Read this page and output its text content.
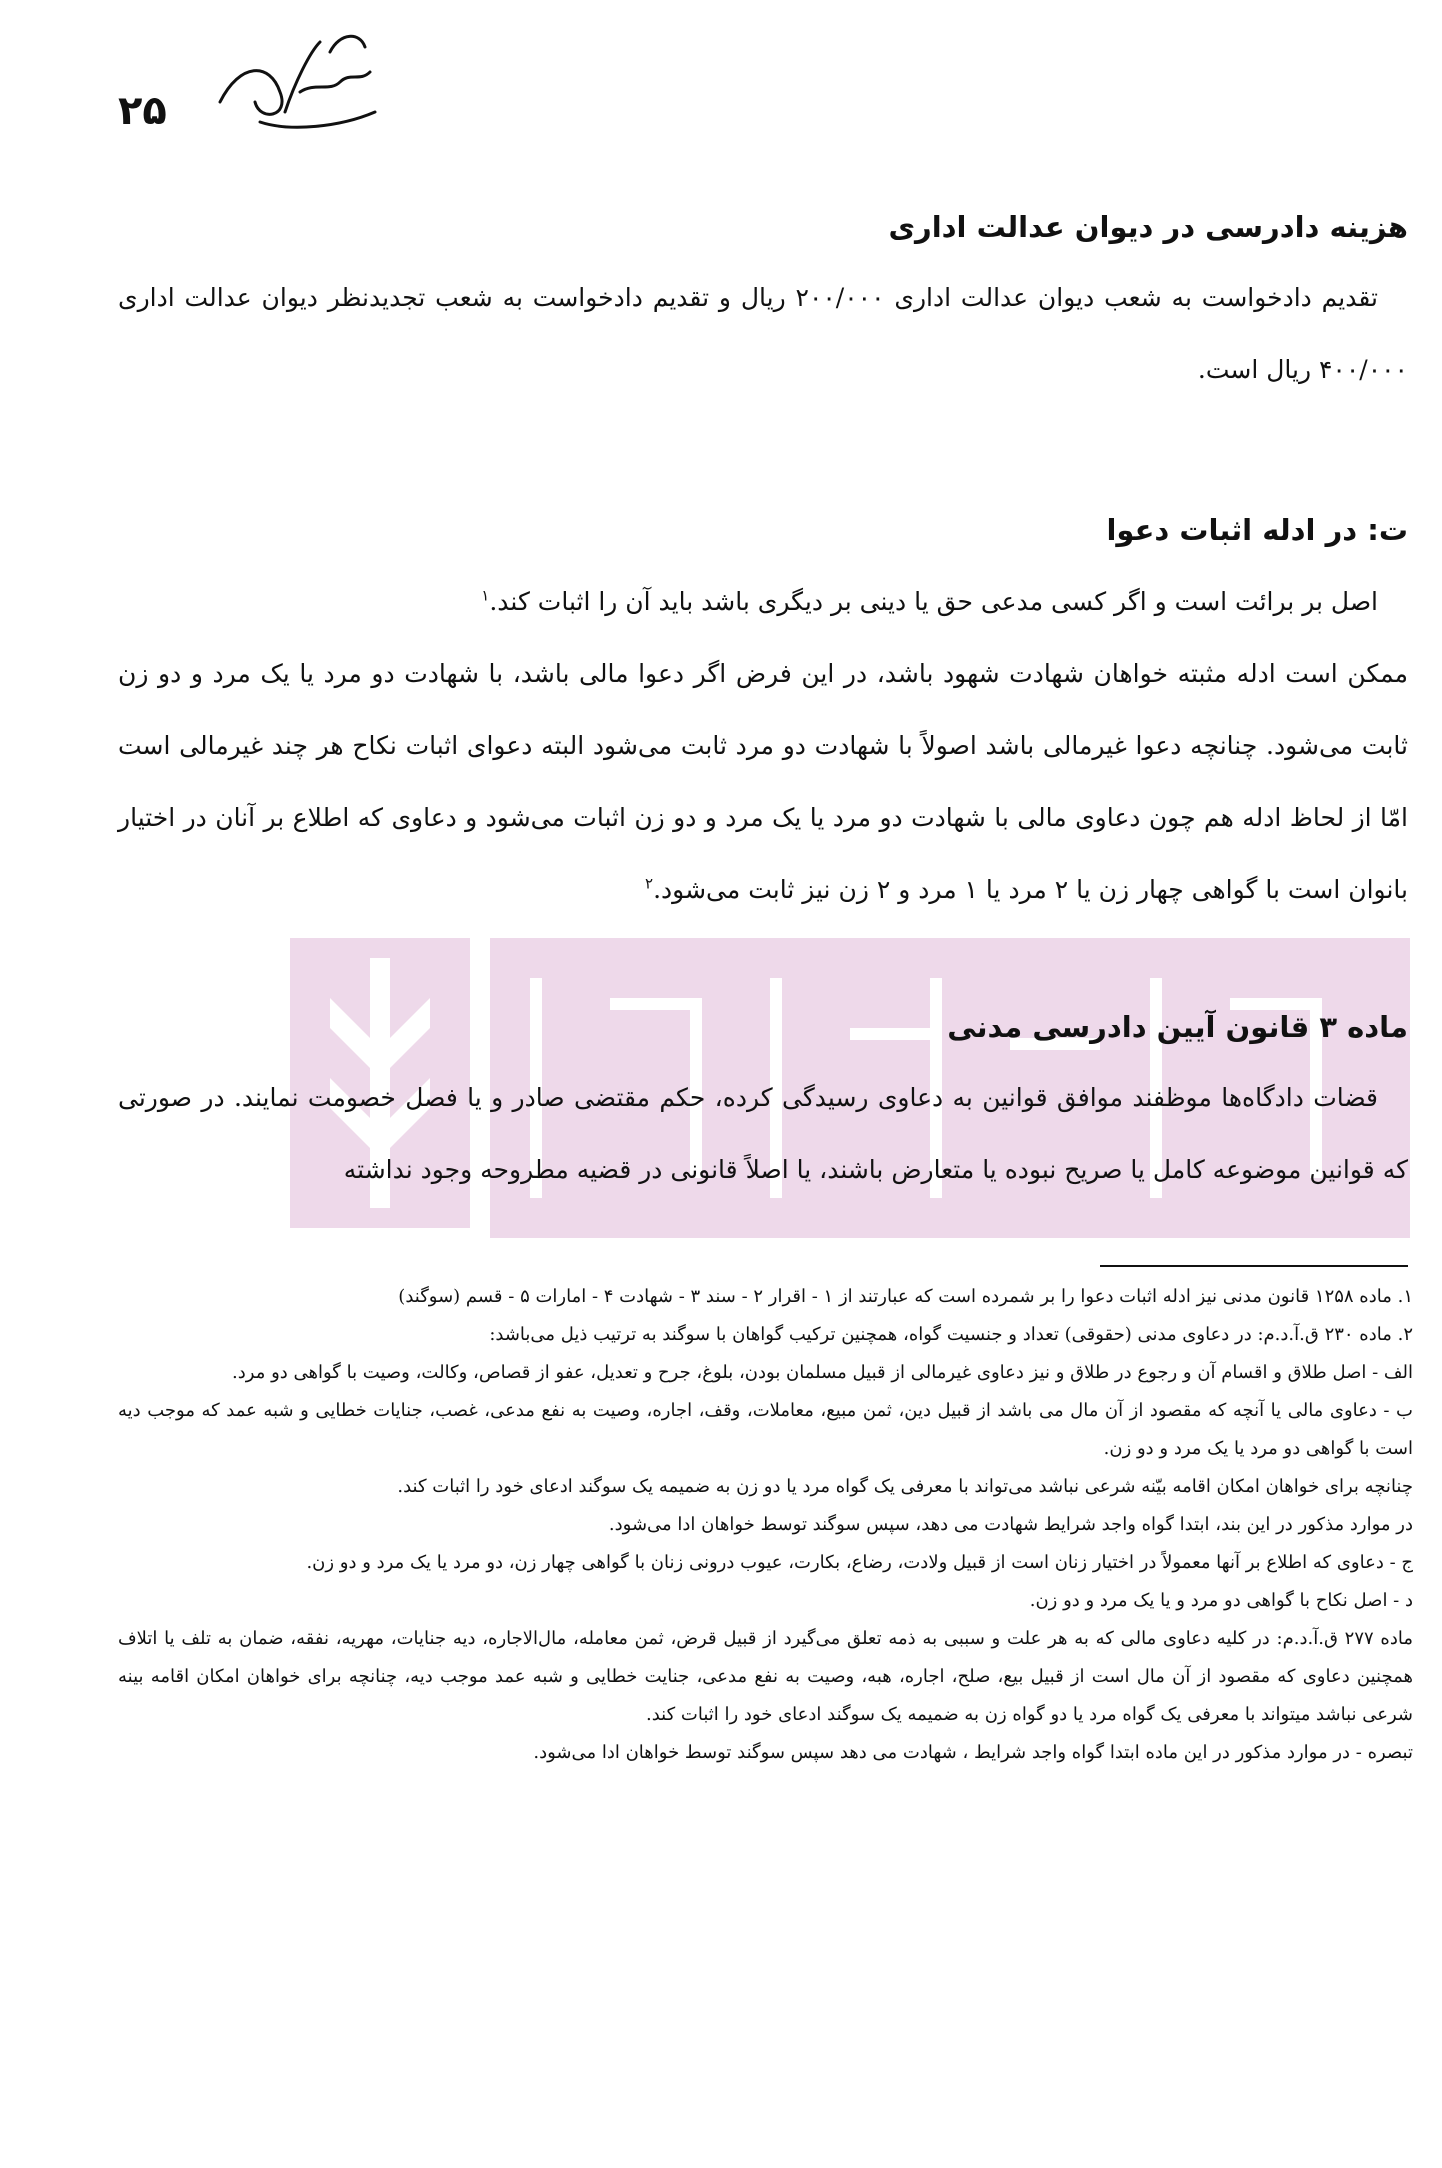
۲۵
هزینه دادرسی در دیوان عدالت اداری

تقدیم دادخواست به شعب دیوان عدالت اداری ۲۰۰/۰۰۰ ریال و تقدیم دادخواست به شعب تجدیدنظر دیوان عدالت اداری ۴۰۰/۰۰۰ ریال است.

ت: در ادله اثبات دعوا

اصل بر برائت است و اگر کسی مدعی حق یا دینی بر دیگری باشد باید آن را اثبات کند.$^۱$

ممکن است ادله مثبته خواهان شهادت شهود باشد، در این فرض اگر دعوا مالی باشد، با شهادت دو مرد یا یک مرد و دو زن ثابت می‌شود. چنانچه دعوا غیرمالی باشد اصولاً با شهادت دو مرد ثابت می‌شود البته دعوای اثبات نکاح هر چند غیرمالی است امّا از لحاظ ادله هم چون دعاوی مالی با شهادت دو مرد یا یک مرد و دو زن اثبات می‌شود و دعاوی که اطلاع بر آنان در اختیار بانوان است با گواهی چهار زن یا ۲ مرد یا ۱ مرد و ۲ زن نیز ثابت می‌شود.$^۲$

ماده ۳ قانون آیین دادرسی مدنی

قضات دادگاه‌ها موظفند موافق قوانین به دعاوی رسیدگی کرده، حکم مقتضی صادر و یا فصل خصومت نمایند. در صورتی که قوانین موضوعه کامل یا صریح نبوده یا متعارض باشند، یا اصلاً قانونی در قضیه مطروحه وجود نداشته

۱. ماده ۱۲۵۸ قانون مدنی نیز ادله اثبات دعوا را بر شمرده است که عبارتند از ۱ - اقرار ۲ - سند ۳ - شهادت ۴ - امارات ۵ - قسم (سوگند)

۲. ماده ۲۳۰ ق.آ.د.م: در دعاوی مدنی (حقوقی) تعداد و جنسیت گواه، همچنین ترکیب گواهان با سوگند به ترتیب ذیل می‌باشد:

الف - اصل طلاق و اقسام آن و رجوع در طلاق و نیز دعاوی غیرمالی از قبیل مسلمان بودن، بلوغ، جرح و تعدیل، عفو از قصاص، وکالت، وصیت با گواهی دو مرد.

ب - دعاوی مالی یا آنچه که مقصود از آن مال می باشد از قبیل دین، ثمن مبیع، معاملات، وقف، اجاره، وصیت به نفع مدعی، غصب، جنایات خطایی و شبه عمد که موجب دیه است با گواهی دو مرد یا یک مرد و دو زن.

چنانچه برای خواهان امکان اقامه بیّنه شرعی نباشد می‌تواند با معرفی یک گواه مرد یا دو زن به ضمیمه یک سوگند ادعای خود را اثبات کند.

در موارد مذکور در این بند، ابتدا گواه واجد شرایط شهادت می دهد، سپس سوگند توسط خواهان ادا می‌شود.

ج - دعاوی که اطلاع بر آنها معمولاً در اختیار زنان است از قبیل ولادت، رضاع، بکارت، عیوب درونی زنان با گواهی چهار زن، دو مرد یا یک مرد و دو زن.

د - اصل نکاح با گواهی دو مرد و یا یک مرد و دو زن.

ماده ۲۷۷ ق.آ.د.م: در کلیه دعاوی مالی که به هر علت و سببی به ذمه تعلق می‌گیرد از قبیل قرض، ثمن معامله، مال‌الاجاره، دیه جنایات، مهریه، نفقه، ضمان به تلف یا اتلاف همچنین دعاوی که مقصود از آن مال است از قبیل بیع، صلح، اجاره، هبه، وصیت به نفع مدعی، جنایت خطایی و شبه عمد موجب دیه، چنانچه برای خواهان امکان اقامه بینه شرعی نباشد میتواند با معرفی یک گواه مرد یا دو گواه زن به ضمیمه یک سوگند ادعای خود را اثبات کند.

تبصره - در موارد مذکور در این ماده ابتدا گواه واجد شرایط ، شهادت می دهد سپس سوگند توسط خواهان ادا می‌شود.
